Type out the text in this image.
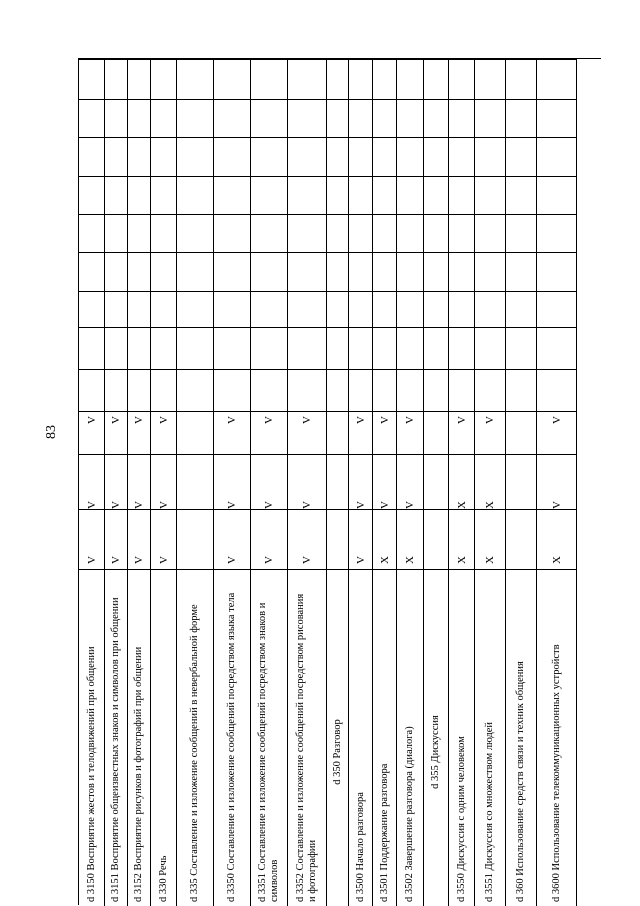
83
V
V
V
d 3150 Восприятие жестов и телодвижений при общении
V
V
V
d 3151 Восприятие общеизвестных знаков и символов при общении
V
V
V
d 3152 Восприятие рисунков и фотографий при общении
V
V
V
d 330 Речь d 335 Составление и изложение сообщений в невербальной форме
V
V
V
d 3350 Составление и изложение сообщений посредством языка тела
V
V
V
d 3351 Составление и изложение сообщений посредством знаков и символов
V
V
V
d 3352 Составление и изложение сообщений посредством рисования и фотографии
d 350 Разговор
V
V
V
d 3500 Начало разговора
X
V
V
d 3501 Поддержание разговора
X
V
V
d 3502 Завершение разговора (диалога) d 355 Дискуссия
X
X
V
d 3550 Дискуссия с одним человеком
X
X
V
d 3551 Дискуссия со множеством людей d 360 Использование средств связи и техник общения
X
V
V
d 3600 Использование телекоммуникационных устройств
